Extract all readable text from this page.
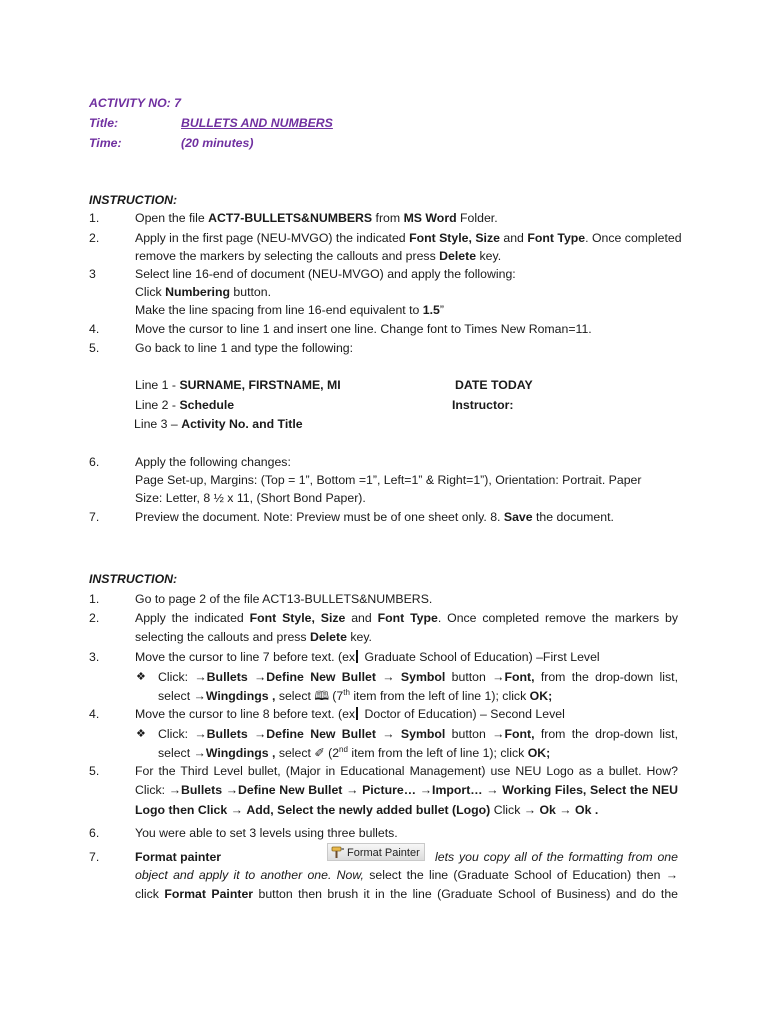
ACTIVITY NO: 7
Title:	BULLETS AND NUMBERS
Time:	(20 minutes)
INSTRUCTION:
1.	Open the file ACT7-BULLETS&NUMBERS from MS Word Folder.
2.	Apply in the first page (NEU-MVGO) the indicated Font Style, Size and Font Type. Once completed
remove the markers by selecting the callouts and press Delete key.
3	Select line 16-end of document (NEU-MVGO) and apply the following:
Click Numbering button.
Make the line spacing from line 16-end equivalent to 1.5”
4.	Move the cursor to line 1 and insert one line. Change font to Times New Roman=11.
5.	Go back to line 1 and type the following:
Line 1 - SURNAME, FIRSTNAME, MI	DATE TODAY
Line 2 - Schedule	Instructor:
Line 3 – Activity No. and Title
6.	Apply the following changes:
Page Set-up, Margins: (Top = 1”, Bottom =1”, Left=1” & Right=1”), Orientation: Portrait. Paper
Size: Letter, 8 ½ x 11, (Short Bond Paper).
7.	Preview the document. Note: Preview must be of one sheet only. 8. Save the document.
INSTRUCTION:
1.	Go to page 2 of the file ACT13-BULLETS&NUMBERS.
2.	Apply the indicated Font Style, Size and Font Type. Once completed remove the markers by
selecting the callouts and press Delete key.
3.	Move the cursor to line 7 before text. (ex Graduate School of Education) –First Level
❖ Click: →Bullets →Define New Bullet → Symbol button →Font, from the drop-down list,
select →Wingdings , select 🕮 (7th item from the left of line 1); click OK;
4.	Move the cursor to line 8 before text. (ex Doctor of Education) – Second Level
❖ Click: →Bullets →Define New Bullet → Symbol button →Font, from the drop-down list,
select →Wingdings , select ✐ (2nd item from the left of line 1); click OK;
5.	For the Third Level bullet, (Major in Educational Management) use NEU Logo as a bullet. How?
Click: →Bullets →Define New Bullet → Picture… →Import… → Working Files, Select the NEU
Logo then Click → Add, Select the newly added bullet (Logo) Click → Ok → Ok .
6.	You were able to set 3 levels using three bullets.
7.	Format painter	Format Painter	lets you copy all of the formatting from one
object and apply it to another one. Now, select the line (Graduate School of Education) then →
click Format Painter button then brush it in the line (Graduate School of Business) and do the
